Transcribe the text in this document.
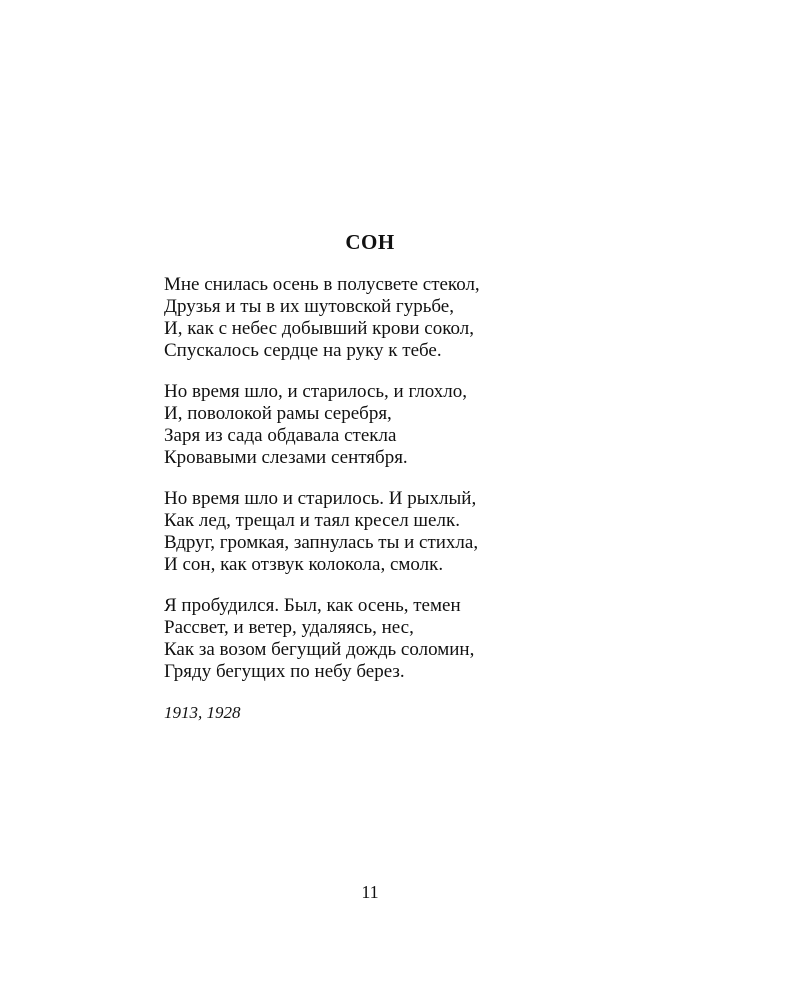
СОН
Мне снилась осень в полусвете стекол,
Друзья и ты в их шутовской гурьбе,
И, как с небес добывший крови сокол,
Спускалось сердце на руку к тебе.
Но время шло, и старилось, и глохло,
И, поволокой рамы серебря,
Заря из сада обдавала стекла
Кровавыми слезами сентября.
Но время шло и старилось. И рыхлый,
Как лед, трещал и таял кресел шелк.
Вдруг, громкая, запнулась ты и стихла,
И сон, как отзвук колокола, смолк.
Я пробудился. Был, как осень, темен
Рассвет, и ветер, удаляясь, нес,
Как за возом бегущий дождь соломин,
Гряду бегущих по небу берез.
1913, 1928
11
